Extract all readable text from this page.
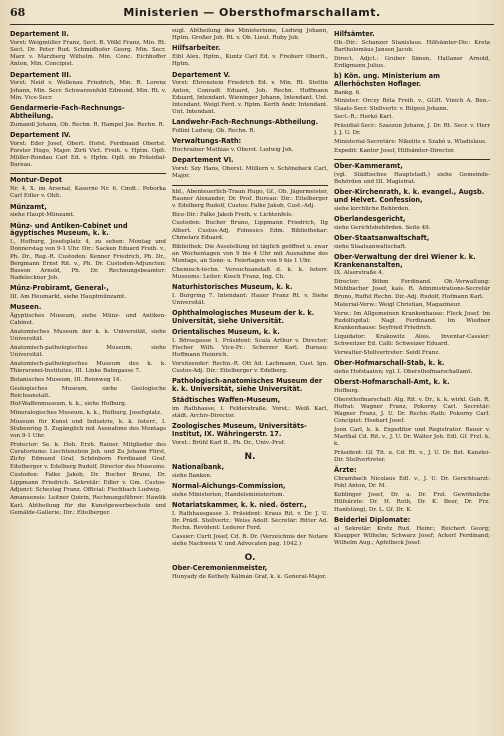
68	Ministerien — Obersthofmarschallamt.
Departement II.

Vorst: Weigmüller Franz, Sect. R. Völkl Franz, Min. Rt. Sect. Dr. Peter Rud. Schmidhofer Georg. Min. Secr. Marz v. Marzberg Wilhelm. Min. Conc. Eichhoffer Anton, Min. Concipist.

Departement III.

Vorst: Neid v. Wollenau Friedrich, Min. R. Lorenz Johann, Min. Secr. Schwarzenfeld Edmund, Min. Rt. v. Min. Vice-Secr.

Gendarmerie-Fach-Rechnungs-Abtheilung.

Zumandl Johann, Ob. Rechn. R. Hampel Jos. Rechn. R.

Departement IV.

Vorst: Eder Josef, Obert. Hofst. Ferdinand Obertst. Forster Hugo, Major. Zirti Vict. Freih. v. Hptm. Oplt. Müller-Rondau Carl Ed. v. Hptm. Oplt. im Präsidial-Bureau.

Montur-Depot

Nr. 4, X. im Arsenal, Kaserne Nr. 6. Cmdt.: Poborka Carl Edler v. Ohlt.

Münzamt,

siehe Haupt-Münzamt.

Münz- und Antiken-Cabinet und ägyptisches Museum, k. k.

I., Hofburg, Josefsplatz 4, zu sehen: Montag und Donnerstag von 9-1 Uhr. Dir.: Sacken Eduard Freih. v., Ph. Dr., Reg.-R. Custoden: Kenner Friedrich, Ph. Dr., Bergmann Ernst Rit. v., Ph. Dr. Custoden-Adjuncten: Busson Arnold, Ph. Dr. Rechnungsbeamter: Nadeleckner Joh.

Münz-Probiramt, General-,

III. Am Heumarkt, siehe Hauptmünzamt.

Museen.

Ägyptisches Museum, siehe Münz- und Antiken-Cabinet.

Anatomisches Museum der k. k. Universität, siehe Universität.

Anatomisch-pathologisches Museum, siehe Universität.

Anatomisch-pathologisches Museum des k. k. Thierarznei-Institutes, III. Linke Bahngasse 7.

Botanisches Museum, III. Rennweg 14.

Geologisches Museum, siehe Geologische Reichsanstalt.

Hof-Waffenmuseum, k. k., siehe Hofburg.

Mineralogisches Museum, k. k., Hofburg, Josefsplatz.

Museum für Kunst und Industrie, k. k. österr., I. Stubenring 5. Zugänglich mit Ausnahme des Montags von 9-1 Uhr.

Protector: Se. k. Hoh. Erzh. Rainer. Mitglieder des Curatoriums: Liechtenstein Joh. und Zu Johann Fürst, Zichy Edmund Graf, Schönborn Ferdinand Graf, Eitelberger v. Edelberg Rudolf, Director des Museums.

Custoden: Falke Jakob, Dr. Bucher Bruno, Dr. Lippmann Friedrich. Sekretär: Edler v. Gm. Custos-Adjunct: Schestag Franz. Official: Fischbach Ludwig.

Amanuensis: Leitner Quirin, Rechnungsführer: Hawlik Karl. Abtheilung für die Kunstgewerbeschule und Gemälde-Gallerie; Dir.: Eitelberger.

sugl. Abtheilung des Ministeriums, Ludwig Johann, Hptm. Großer Joh. Rt. v. Ob. Lieut. Ruby Joh.

Hilfsarbeiter.

Eibl Alex. Hptm., Kuntz Carl Ed. v. Freiherr Oberlt., Hptm.

Departement V.

Vorst: Ehrenstein Friedrich Ed. v. Min. Rt. Stettin Anton, Conradt Eduard, Joh. Rechn. Hoffmann Eduard, Intendant. Wieninger Johann, Intendant. Unt. Intendant. Weigl Ferd. v. Hptm. Kerth Andr. Intendant. Unt. Intendant.

Landwehr-Fach-Rechnungs-Abtheilung.

Follini Ludwig, Ob. Rechn. R.

Verwaltungs-Rath:

Hochrainer Mathias v. Oberst. Ludwig Joh.

Departement VI.

Vorst: Szy Hans, Oberst. Müllern v. Schönebeck Carl, Major.

hbl., Abenteuerlich-Traun Hugo, Gf., Ob. Jägermeister, Rauner Alexander, Dr. Prof. Bureau: Dir.: Eitelberger v. Edelberg Rudolf, Custos: Falke Jakob, Cust.-Adj.

Bice-Dir.: Falke Jakob Freih. v. Lichtenfels.

Custoden: Bucher Bruno, Lippmann Friedrich, Ilg Albert. Custos-Adj. Folnesics Edm. Bibliothekar: Chmelarz Eduard.

Bibliothek: Die Ausstellung ist täglich geöffnet u. zwar an Wochentagen von 9 bis 4 Uhr mit Ausnahme des Montags, an Sonn- u. Feiertagen von 9 bis 1 Uhr.

Chemisch-techn. Versuchsanstalt d. k. k. österr. Museums: Leiter: Kosch Franz, Ing. Ch.

Naturhistorisches Museum, k. k.

I. Burgring 7. Intendant: Hauer Franz Rt. v. Siehe Universität.

Ophthalmologisches Museum der k. k. Universität, siehe Universität.
Orientalisches Museum, k. k.

I. Börsegasse 1. Präsident: Scala Arthur v. Director: Fischer Wilh. Vice-Pr.: Scherzer Karl. Bureau: Hoffmann Heinrich.

Vorsitzender: Rechn.-R. Ott Ad. Lachmann, Cust. Ign. Custos-Adj. Dir.: Eitelberger v. Edelberg.

Pathologisch-anatomisches Museum der k. k. Universität, siehe Universität.
Städtisches Waffen-Museum,

im Rathhause, I. Felderstraße. Vorst.: Weiß Karl, städt. Archiv-Director.

Zoologisches Museum, Universitäts-Institut, IX. Währingerstr. 17.

Vorst.: Brühl Karl B., Ph. Dr., Univ.-Prof.

N.
Nationalbank,

siehe Banken.

Normal-Aichungs-Commission,

siehe Ministerien, Handelsministerium.

Notariatskammer, k. k. nied. österr.,

I. Rathhausgasse 3. Präsident: Kraus Rit. v. Dr. J. U. Dr. Prädl. Stellvertr.: Weiss Adolf. Secretär: Ritter Ad. Rechn. Revident: Lederer Ferd.

Cassier: Curti Josef, Cd. R. Dr. (Verzeichnis der Notare siehe Nachweis V. und Advocaten pag. 1042.)

O.
Ober-Ceremonienmeister,

Hunyady de Kethely Kálmán Graf, k. k. General-Major.

Hilfsämter.

Ob.-Dir.: Schanzer Stanislaus. Hilfsämter-Dir.: Kreta Bartholomäus Jansen Jacob.

Direct. Adjct.: Gruber Simon, Hatlaner Arnold, Erdlgmann Julius.

b) Kön. ung. Ministerium am Allerhöchsten Hoflager.

Bankg. 6.

Minister: Orczy Béla Freih. v., GGH. Vinich A. Ben.-Staats-Secr. Stellvertr. v. Bilgesi Johann.

Sect.-R.: Herkó Karl.

Präsidial-Secr.: Szaszun Johann, J. Dr. Rt. Secr. v. Herr J. J. U. Dr.

Ministerial-Secretäre: Nikolits v. Szabó u. Wladislaus.

Expedit: Kantor Josef, Hilfsämter-Director.

Ober-Kammeramt,

(vgl. Städtisches Hauptstadt.) siehe Gemeinde-Behörden und III. Magistrat.

Ober-Kirchenrath, k. k. evangel., Augsb. und Helvet. Confession,

siehe kirchliche Behörden.

Oberlandesgericht,

siehe Gerichtsbehörden. Seite 49.

Ober-Staatsanwaltschaft,

siehe Staatsanwaltschaft.

Ober-Verwaltung der drei Wiener k. k. Krankenanstalten,

IX. Alserstraße 4.

Director: Böhm Ferdinand. Ob.-Verwaltung: Mühlbacher Josef, kais. R. Administrations-Secretär Bruno, Ruffel Rechn. Dir.-Adj. Rudolf, Hofmann Karl.

Material-Verw.: Weigl Christian, Magazineur.

Verw.: Im Allgemeinen Krankenhause: Fleck Josef. Im Rudolfspital: Nagl Ferdinand. Im Wiedner Krankenhause: Seyfried Friedrich.

Liquidator: Krakowitz Alois. Inventar-Cassier: Schweitzer Ed. Calli: Schweizer Eduard.

Verwalter-Stellvertreter: Seidl Franz.

Ober-Hofmarschall-Stab, k. k.

siehe Hofstaaten; vgl. I. Obersthofmarschallamt.

Oberst-Hofmarschall-Amt, k. k.

Hofburg.

Obersthofmarschall: Alg. Rit. v. Dr., k. k. wirkl. Geh. R. Hofrat: Wagner Franz, Pokorny Carl. Secretär: Wagner Franz, J. U. Dr. Rechn.-Rath: Pokorny Carl. Concipist: Hoebart Josef.

Joon Carl, k. k. Expeditor und Registrator. Bauer v. Marthal Cd. Rit. v., J. U. Dr. Walter Joh. Edl. Gf. Frzl. k. k.

Präsident: Gf. Tit. u. Cd. Rt. v., J. U. Dr. Bzt. Kanzlei-Dir. Stellvertreter.

Ärzte:

Chrambach Nicolaus Edl. v., J. U. Dr. Gerichtsarzt: Pohl Anton, Dr. M.

Koblinger Josef, Dr. u. Dr. Frzl. Gewöhnliche Hilfsärzte: Dr. H. Roth, Dr. K. Beer, Dr. Frz. Hanfstängl, Dr. L. Gf. Dr. K.

Beiderlei Diplomate:

a) Sekretär: Kretz Rud. Heinr.; Reichert Georg; Klaupper Wilhelm; Schwarz Josef; Ackerl Ferdinand; Wilhelm Aug.; Apfelbeck Josef.
